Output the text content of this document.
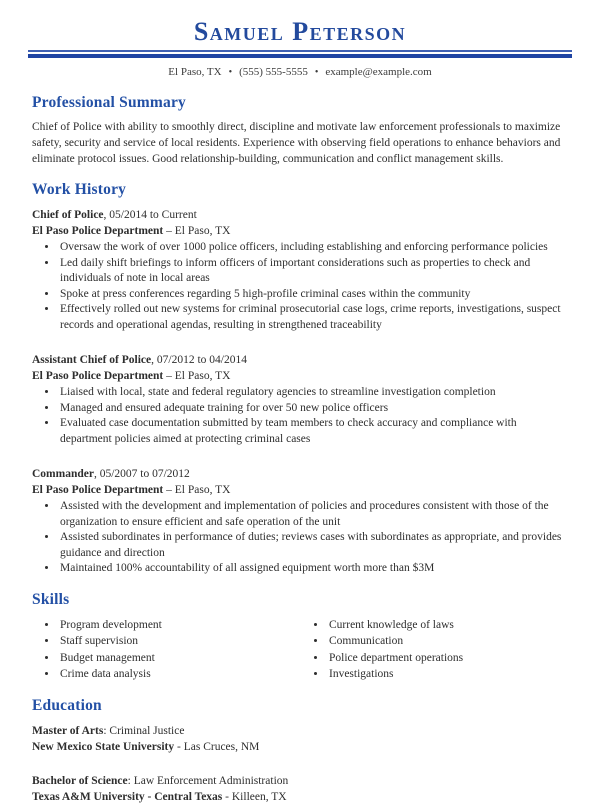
Samuel Peterson
El Paso, TX • (555) 555-5555 • example@example.com
Professional Summary

Chief of Police with ability to smoothly direct, discipline and motivate law enforcement professionals to maximize safety, security and service of local residents. Experience with observing field operations to enhance behaviors and eliminate protocol issues. Good relationship-building, communication and conflict management skills.

Work History
Chief of Police, 05/2014 to Current
El Paso Police Department – El Paso, TX
• Oversaw the work of over 1000 police officers, including establishing and enforcing performance policies
• Led daily shift briefings to inform officers of important considerations such as properties to check and individuals of note in local areas
• Spoke at press conferences regarding 5 high-profile criminal cases within the community
• Effectively rolled out new systems for criminal prosecutorial case logs, crime reports, investigations, suspect records and operational agendas, resulting in strengthened traceability
Assistant Chief of Police, 07/2012 to 04/2014
El Paso Police Department – El Paso, TX
• Liaised with local, state and federal regulatory agencies to streamline investigation completion
• Managed and ensured adequate training for over 50 new police officers
• Evaluated case documentation submitted by team members to check accuracy and compliance with department policies aimed at protecting criminal cases
Commander, 05/2007 to 07/2012
El Paso Police Department – El Paso, TX
• Assisted with the development and implementation of policies and procedures consistent with those of the organization to ensure efficient and safe operation of the unit
• Assisted subordinates in performance of duties; reviews cases with subordinates as appropriate, and provides guidance and direction
• Maintained 100% accountability of all assigned equipment worth more than $3M
Skills
• Program development
• Staff supervision
• Budget management
• Crime data analysis
• Current knowledge of laws
• Communication
• Police department operations
• Investigations
Education
Master of Arts: Criminal Justice
New Mexico State University - Las Cruces, NM
Bachelor of Science: Law Enforcement Administration
Texas A&M University - Central Texas - Killeen, TX
